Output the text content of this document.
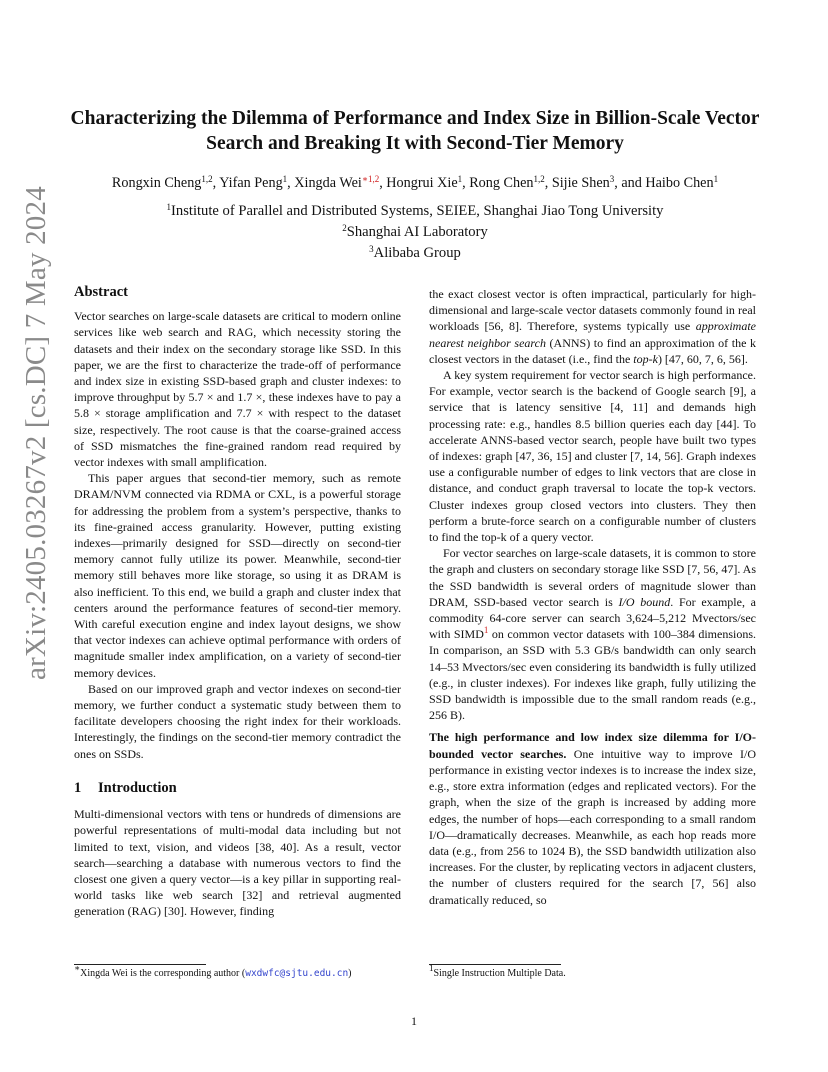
arXiv:2405.03267v2 [cs.DC] 7 May 2024
Characterizing the Dilemma of Performance and Index Size in Billion-Scale Vector Search and Breaking It with Second-Tier Memory
Rongxin Cheng$^{1,2}$, Yifan Peng$^1$, Xingda Wei$^{∗1,2}$, Hongrui Xie$^1$, Rong Chen$^{1,2}$, Sijie Shen$^3$, and Haibo Chen$^1$
$^1$Institute of Parallel and Distributed Systems, SEIEE, Shanghai Jiao Tong University
$^2$Shanghai AI Laboratory
$^3$Alibaba Group
Abstract

Vector searches on large-scale datasets are critical to modern online services like web search and RAG, which necessity storing the datasets and their index on the secondary storage like SSD. In this paper, we are the first to characterize the trade-off of performance and index size in existing SSD-based graph and cluster indexes: to improve throughput by 5.7 × and 1.7 ×, these indexes have to pay a 5.8 × storage amplification and 7.7 × with respect to the dataset size, respectively. The root cause is that the coarse-grained access of SSD mismatches the fine-grained random read required by vector indexes with small amplification.

This paper argues that second-tier memory, such as remote DRAM/NVM connected via RDMA or CXL, is a powerful storage for addressing the problem from a system’s perspective, thanks to its fine-grained access granularity. However, putting existing indexes—primarily designed for SSD—directly on second-tier memory cannot fully utilize its power. Meanwhile, second-tier memory still behaves more like storage, so using it as DRAM is also inefficient. To this end, we build a graph and cluster index that centers around the performance features of second-tier memory. With careful execution engine and index layout designs, we show that vector indexes can achieve optimal performance with orders of magnitude smaller index amplification, on a variety of second-tier memory devices.

Based on our improved graph and vector indexes on second-tier memory, we further conduct a systematic study between them to facilitate developers choosing the right index for their workloads. Interestingly, the findings on the second-tier memory contradict the ones on SSDs.

1 Introduction

Multi-dimensional vectors with tens or hundreds of dimensions are powerful representations of multi-modal data including but not limited to text, vision, and videos [38, 40]. As a result, vector search—searching a database with numerous vectors to find the closest one given a query vector—is a key pillar in supporting real-world tasks like web search [32] and retrieval augmented generation (RAG) [30]. However, finding

the exact closest vector is often impractical, particularly for high-dimensional and large-scale vector datasets commonly found in real workloads [56, 8]. Therefore, systems typically use approximate nearest neighbor search (ANNS) to find an approximation of the k closest vectors in the dataset (i.e., find the top-k) [47, 60, 7, 6, 56].

A key system requirement for vector search is high performance. For example, vector search is the backend of Google search [9], a service that is latency sensitive [4, 11] and demands high processing rate: e.g., handles 8.5 billion queries each day [44]. To accelerate ANNS-based vector search, people have built two types of indexes: graph [47, 36, 15] and cluster [7, 14, 56]. Graph indexes use a configurable number of edges to link vectors that are close in distance, and conduct graph traversal to locate the top-k vectors. Cluster indexes group closed vectors into clusters. They then perform a brute-force search on a configurable number of clusters to find the top-k of a query vector.

For vector searches on large-scale datasets, it is common to store the graph and clusters on secondary storage like SSD [7, 56, 47]. As the SSD bandwidth is several orders of magnitude slower than DRAM, SSD-based vector search is I/O bound. For example, a commodity 64-core server can search 3,624–5,212 Mvectors/sec with SIMD$^1$ on common vector datasets with 100–384 dimensions. In comparison, an SSD with 5.3 GB/s bandwidth can only search 14–53 Mvectors/sec even considering its bandwidth is fully utilized (e.g., in cluster indexes). For indexes like graph, fully utilizing the SSD bandwidth is impossible due to the small random reads (e.g., 256 B).

The high performance and low index size dilemma for I/O-bounded vector searches. One intuitive way to improve I/O performance in existing vector indexes is to increase the index size, e.g., store extra information (edges and replicated vectors). For the graph, when the size of the graph is increased by adding more edges, the number of hops—each corresponding to a small random I/O—dramatically decreases. Meanwhile, as each hop reads more data (e.g., from 256 to 1024 B), the SSD bandwidth utilization also increases. For the cluster, by replicating vectors in adjacent clusters, the number of clusters required for the search [7, 56] also dramatically reduced, so

∗Xingda Wei is the corresponding author (wxdwfc@sjtu.edu.cn)	$^1$Single Instruction Multiple Data.
1
